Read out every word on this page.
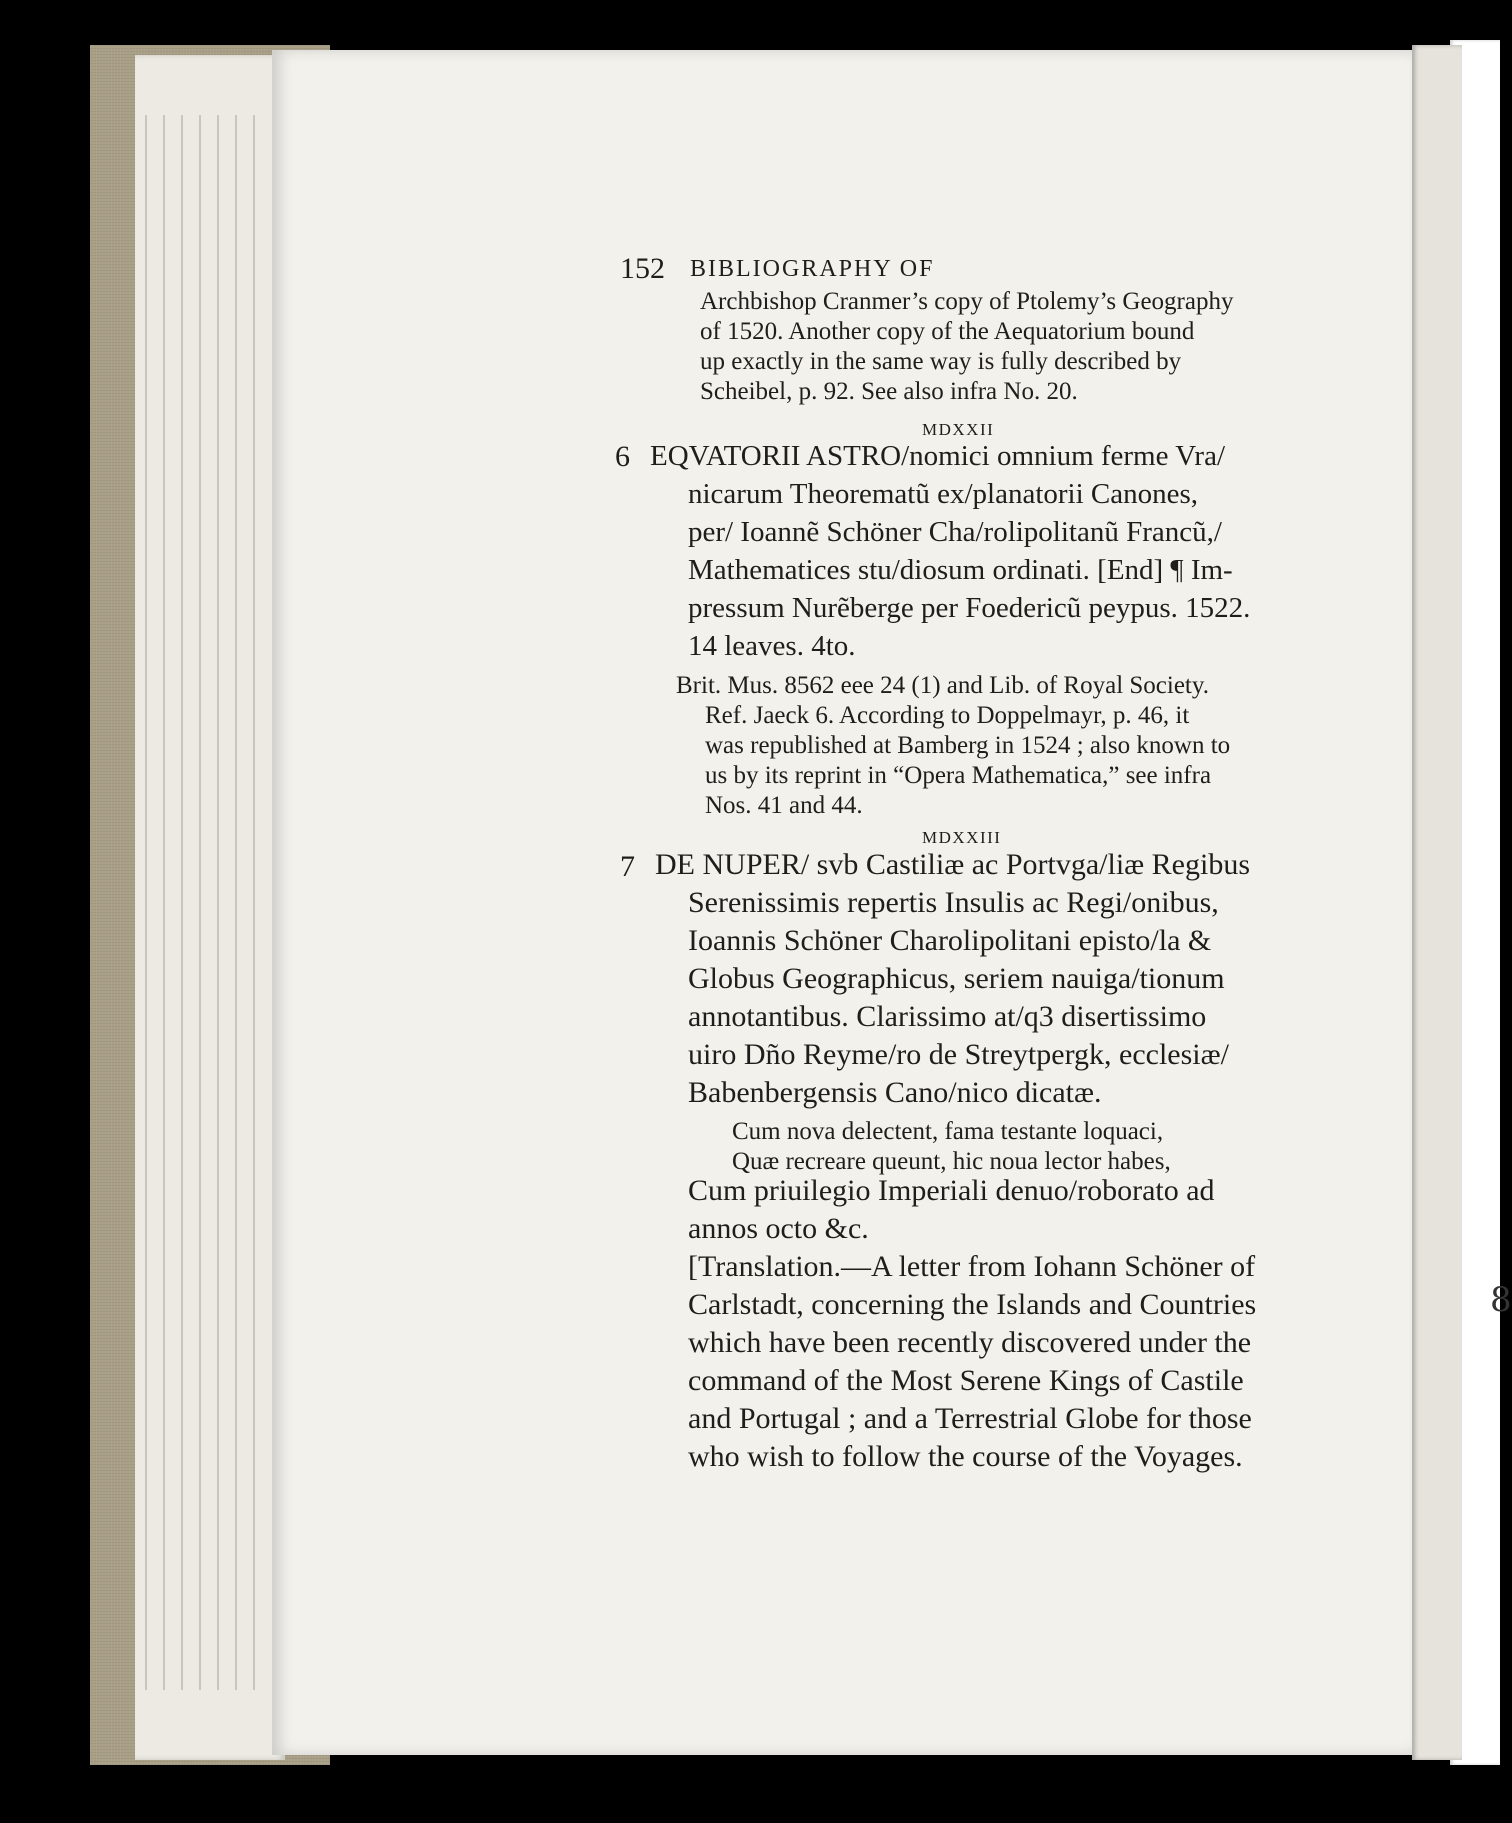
8
152 BIBLIOGRAPHY OF
Archbishop Cranmer’s copy of Ptolemy’s Geography
of 1520. Another copy of the Aequatorium bound
up exactly in the same way is fully described by
Scheibel, p. 92. See also infra No. 20.
MDXXII
6 EQVATORII ASTRO/nomici omnium ferme Vra/
nicarum Theorematũ ex/planatorii Canones,
per/ Ioannẽ Schöner Cha/rolipolitanũ Francũ,/
Mathematices stu/diosum ordinati. [End] ¶ Im-
pressum Nurẽberge per Foedericũ peypus. 1522.
14 leaves. 4to.
Brit. Mus. 8562 eee 24 (1) and Lib. of Royal Society.
Ref. Jaeck 6. According to Doppelmayr, p. 46, it
was republished at Bamberg in 1524 ; also known to
us by its reprint in “Opera Mathematica,” see infra
Nos. 41 and 44.
MDXXIII
7 DE NUPER/ svb Castiliæ ac Portvga/liæ Regibus
Serenissimis repertis Insulis ac Regi/onibus,
Ioannis Schöner Charolipolitani episto/la &
Globus Geographicus, seriem nauiga/tionum
annotantibus. Clarissimo at/q3 disertissimo
uiro Dño Reyme/ro de Streytpergk, ecclesiæ/
Babenbergensis Cano/nico dicatæ.
Cum nova delectent, fama testante loquaci,
Quæ recreare queunt, hic noua lector habes,
Cum priuilegio Imperiali denuo/roborato ad
annos octo &c.
[Translation.—A letter from Iohann Schöner of
Carlstadt, concerning the Islands and Countries
which have been recently discovered under the
command of the Most Serene Kings of Castile
and Portugal ; and a Terrestrial Globe for those
who wish to follow the course of the Voyages.
